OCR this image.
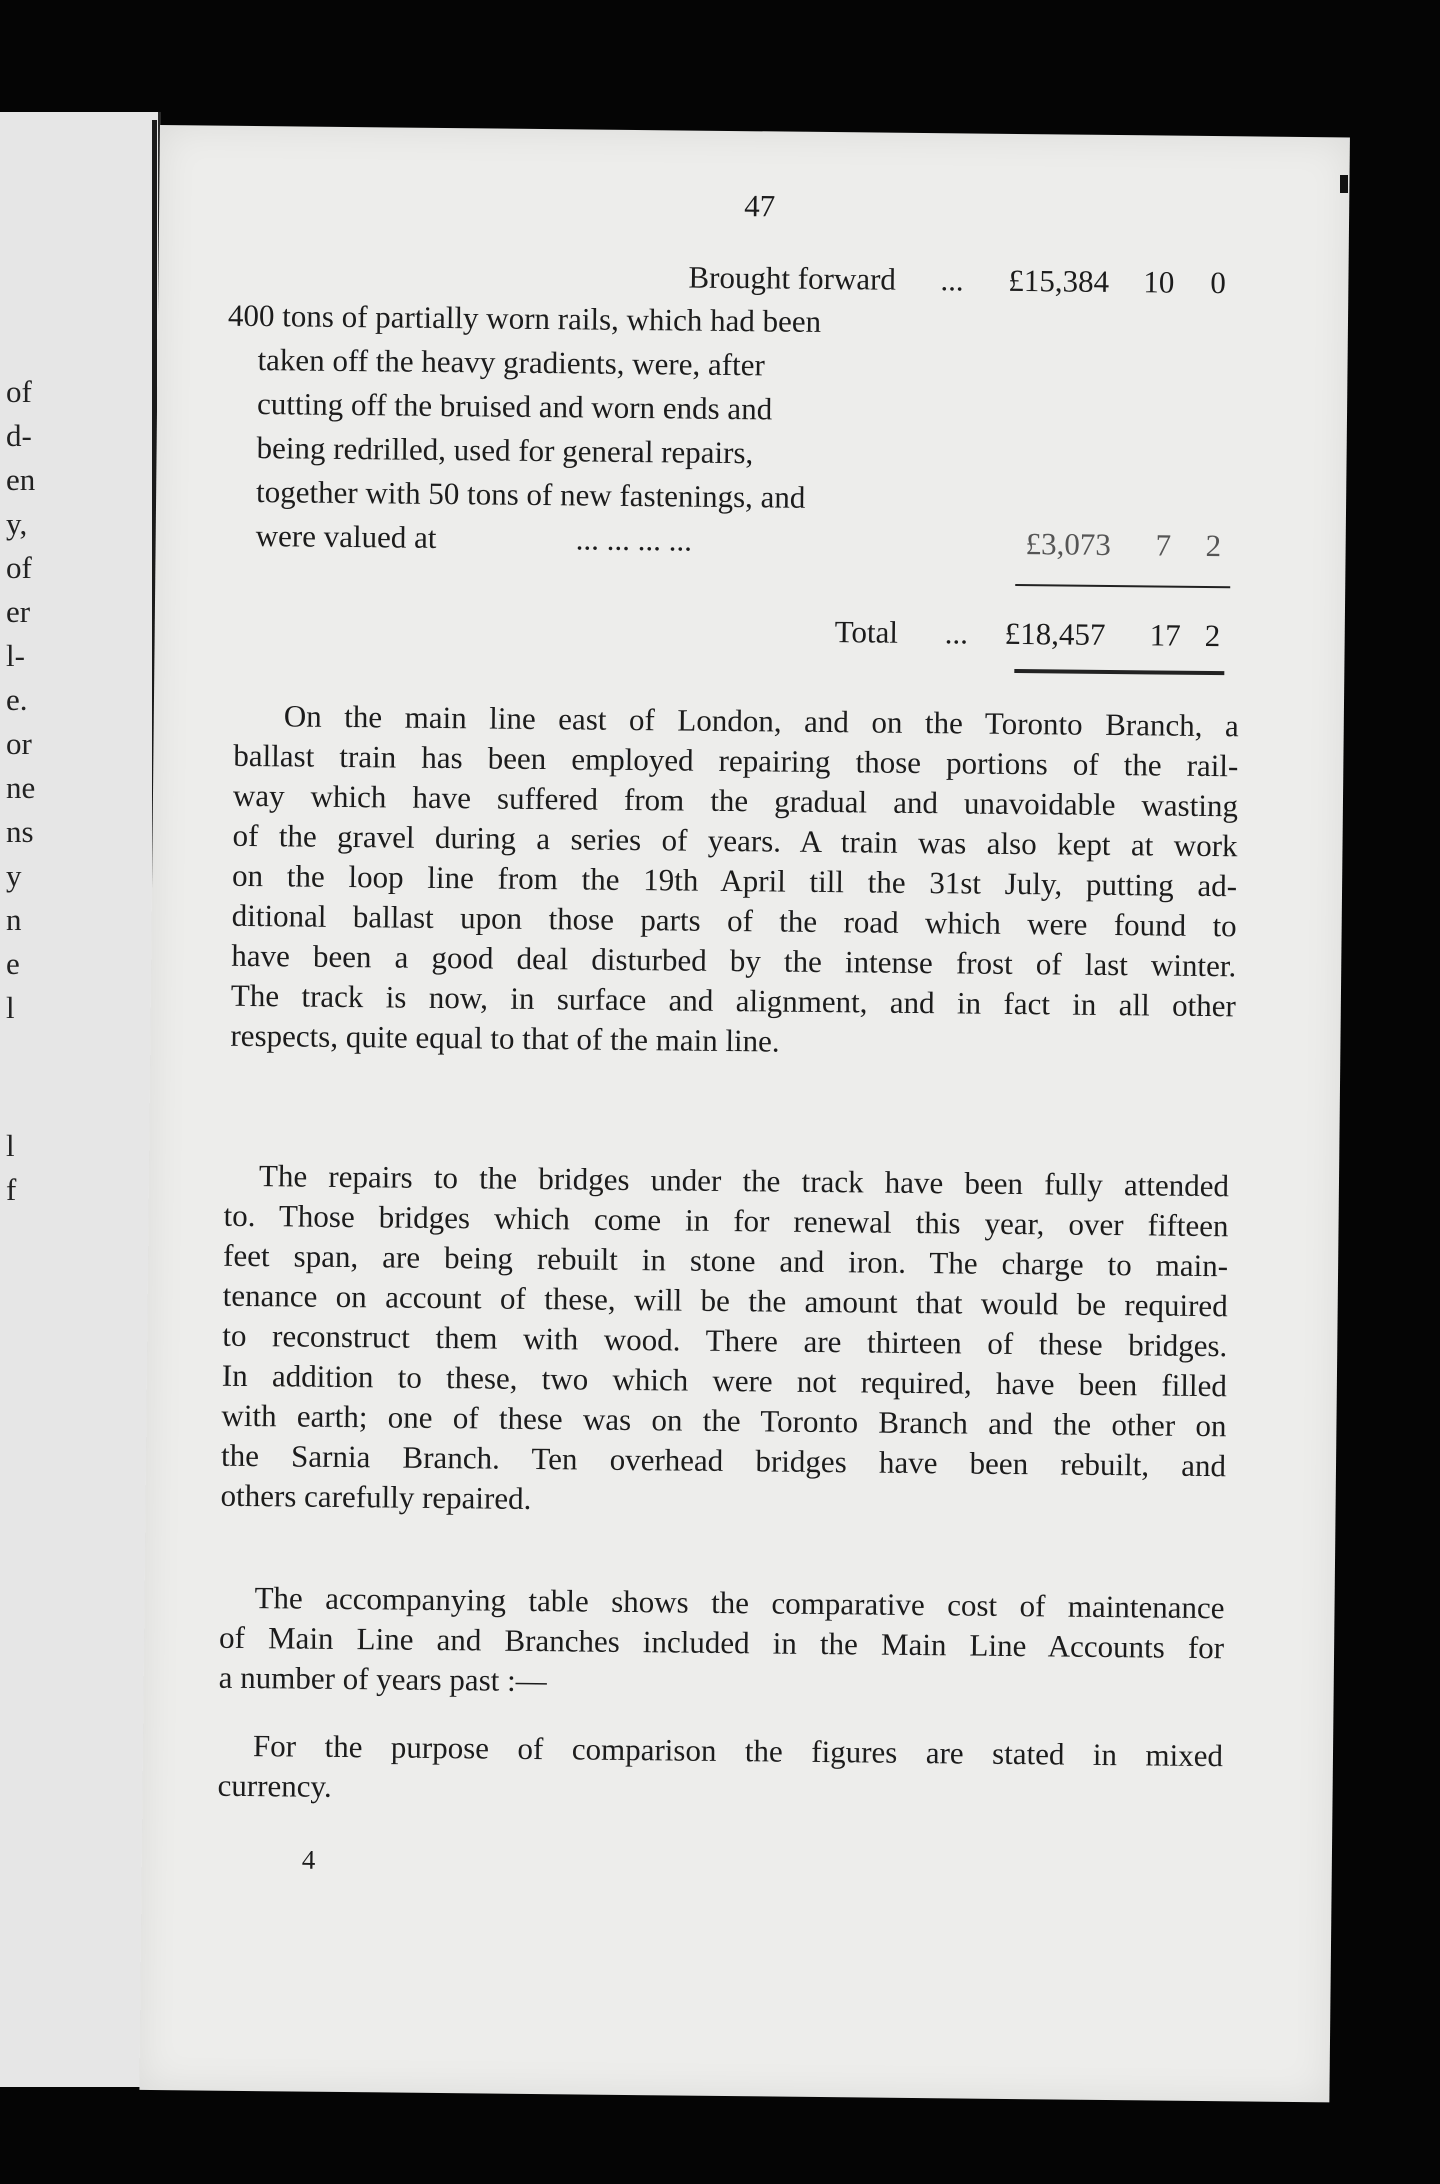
of
d-
en
y,
of
er
l-
e.
or
ne
ns
y
n
e
l
l
f
47
Brought forward ... £15,384 10 0
400 tons of partially worn rails, which had been
taken off the heavy gradients, were, after
cutting off the bruised and worn ends and
being redrilled, used for general repairs,
together with 50 tons of new fastenings, and
were valued at	... ... ... ...	£3,073 7 2
Total ... £18,457 17 2
On the main line east of London, and on the Toronto Branch, a
ballast train has been employed repairing those portions of the rail-
way which have suffered from the gradual and unavoidable wasting
of the gravel during a series of years. A train was also kept at work
on the loop line from the 19th April till the 31st July, putting ad-
ditional ballast upon those parts of the road which were found to
have been a good deal disturbed by the intense frost of last winter.
The track is now, in surface and alignment, and in fact in all other
respects, quite equal to that of the main line.
The repairs to the bridges under the track have been fully attended
to. Those bridges which come in for renewal this year, over fifteen
feet span, are being rebuilt in stone and iron. The charge to main-
tenance on account of these, will be the amount that would be required
to reconstruct them with wood. There are thirteen of these bridges.
In addition to these, two which were not required, have been filled
with earth; one of these was on the Toronto Branch and the other on
the Sarnia Branch. Ten overhead bridges have been rebuilt, and
others carefully repaired.
The accompanying table shows the comparative cost of maintenance
of Main Line and Branches included in the Main Line Accounts for
a number of years past :—
For the purpose of comparison the figures are stated in mixed
currency.
4
